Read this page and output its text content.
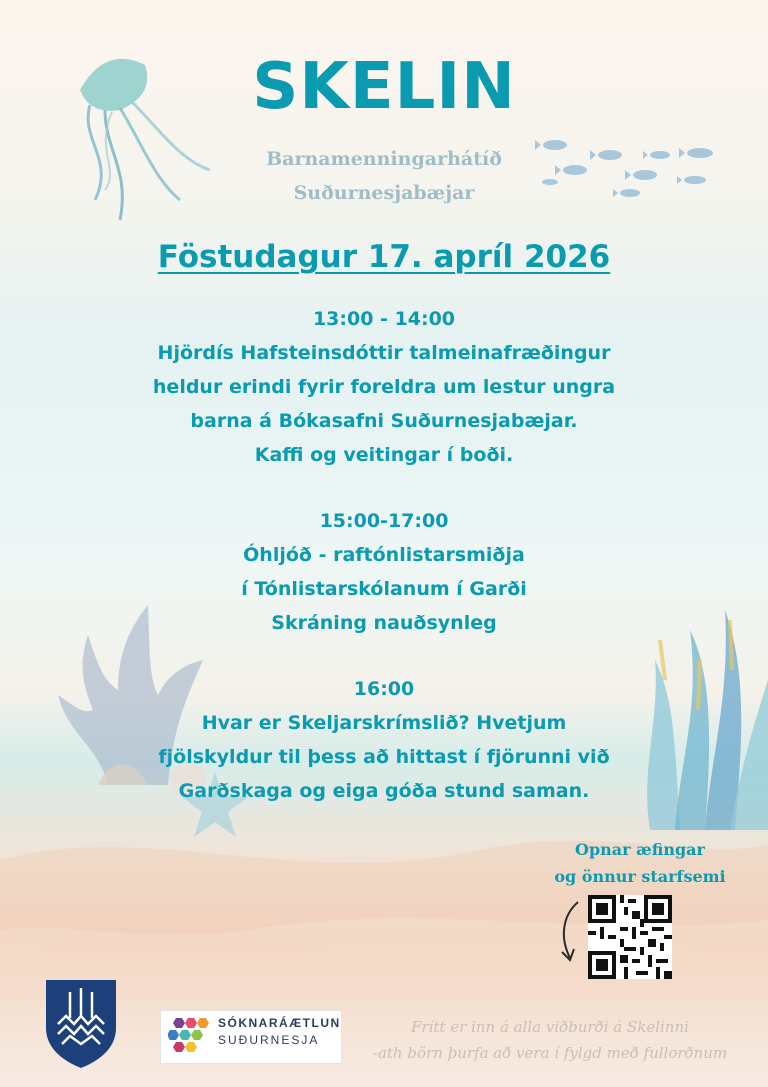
SKELIN
Barnamenningarhátíð
Suðurnesjabæjar
Föstudagur 17. apríl 2026
13:00 - 14:00
Hjördís Hafsteinsdóttir talmeinafræðingur
heldur erindi fyrir foreldra um lestur ungra
barna á Bókasafni Suðurnesjabæjar.
Kaffi og veitingar í boði.
15:00-17:00
Óhljóð - raftónlistarsmiðja
í Tónlistarskólanum í Garði
Skráning nauðsynleg
16:00
Hvar er Skeljarskrímslið? Hvetjum
fjölskyldur til þess að hittast í fjörunni við
Garðskaga og eiga góða stund saman.
Opnar æfingar
og önnur starfsemi
SÓKNARÁÆTLUN
SUÐURNESJA
Frítt er inn á alla viðburði á Skelinni
-ath börn þurfa að vera í fylgd með fullorðnum
